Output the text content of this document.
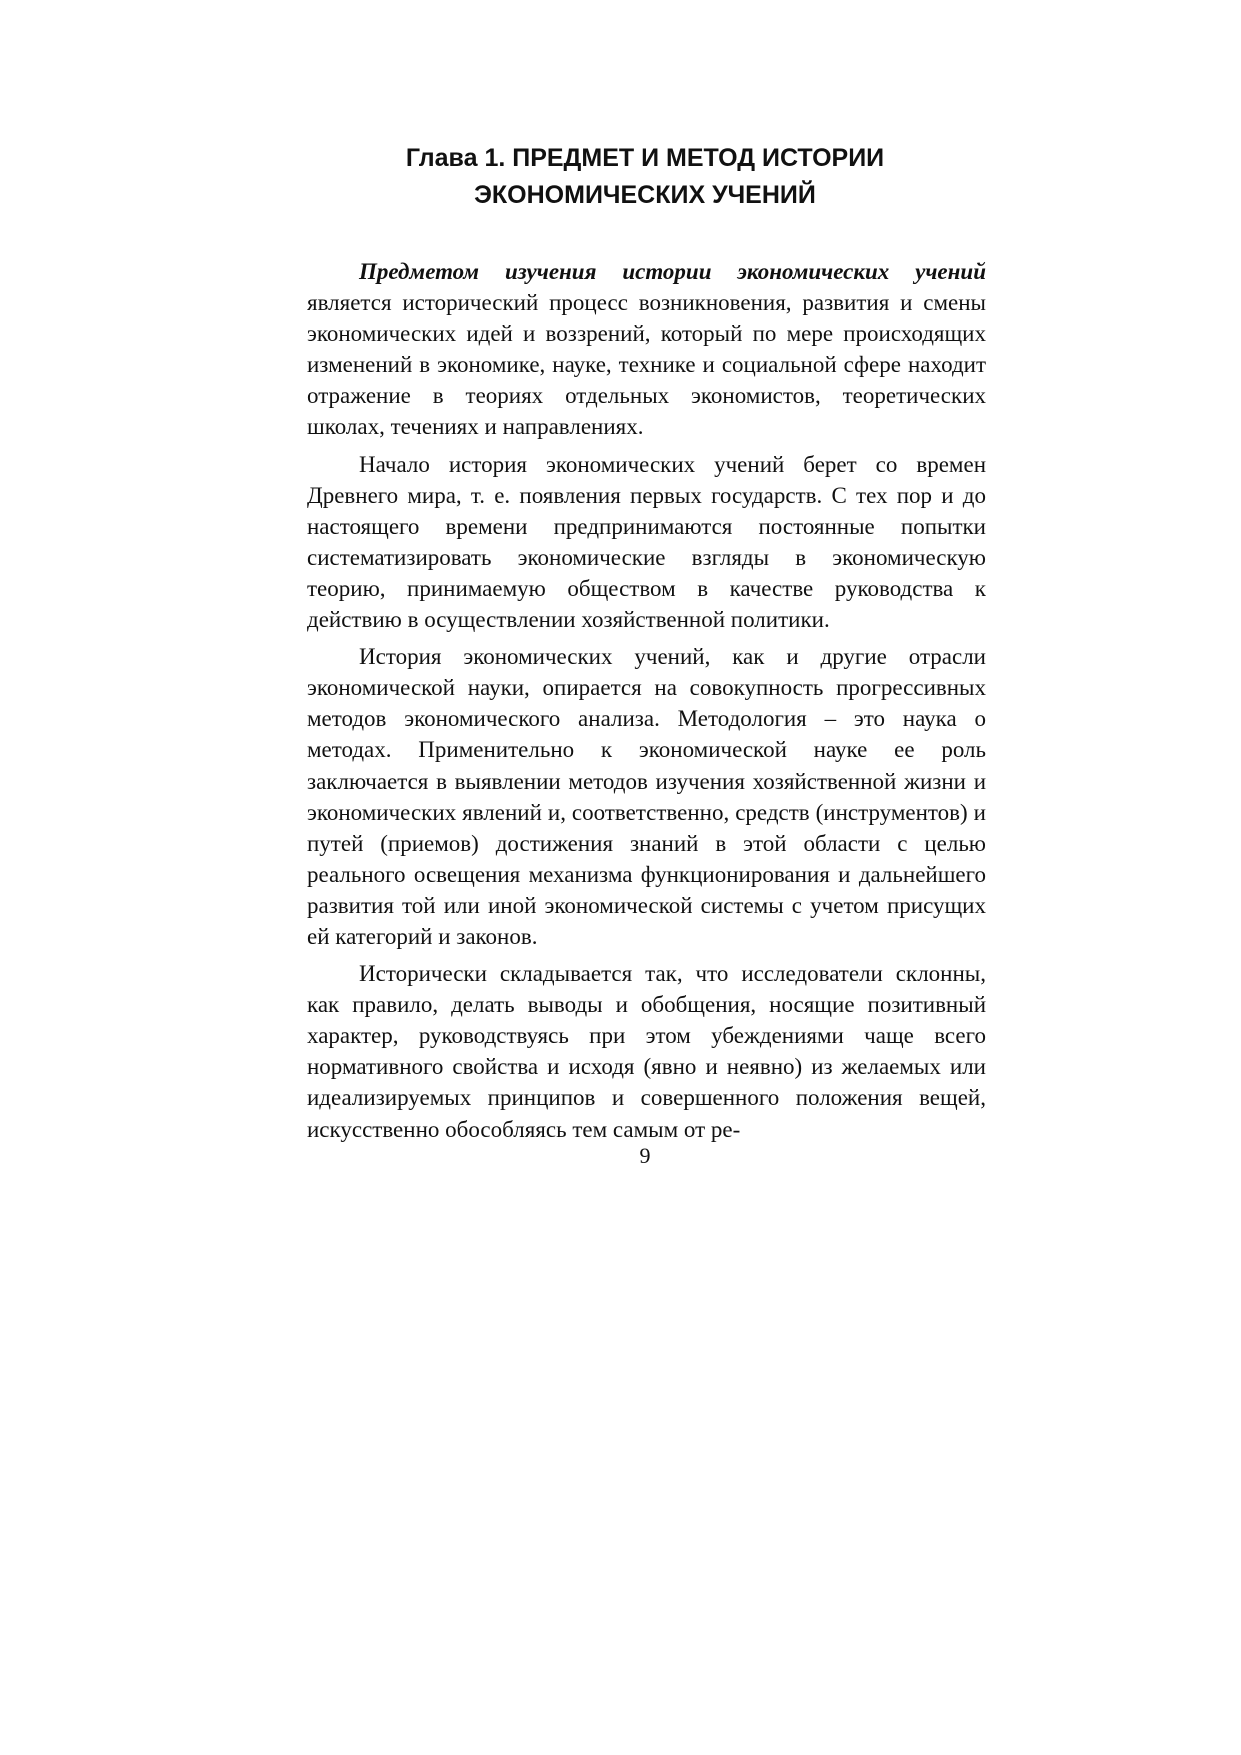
Глава 1. ПРЕДМЕТ И МЕТОД ИСТОРИИ
ЭКОНОМИЧЕСКИХ УЧЕНИЙ

Предметом изучения истории экономических учений является исторический процесс возникновения, развития и смены экономических идей и воззрений, который по мере происходящих изменений в экономике, науке, технике и социальной сфере находит отражение в теориях отдельных экономистов, теоретических школах, течениях и направлениях.

Начало история экономических учений берет со времен Древнего мира, т. е. появления первых государств. С тех пор и до настоящего времени предпринимаются постоянные попытки систематизировать экономические взгляды в экономическую теорию, принимаемую обществом в качестве руководства к действию в осуществлении хозяйственной политики.

История экономических учений, как и другие отрасли экономической науки, опирается на совокупность прогрессивных методов экономического анализа. Методология – это наука о методах. Применительно к экономической науке ее роль заключается в выявлении методов изучения хозяйственной жизни и экономических явлений и, соответственно, средств (инструментов) и путей (приемов) достижения знаний в этой области с целью реального освещения механизма функционирования и дальнейшего развития той или иной экономической системы с учетом присущих ей категорий и законов.

Исторически складывается так, что исследователи склонны, как правило, делать выводы и обобщения, носящие позитивный характер, руководствуясь при этом убеждениями чаще всего нормативного свойства и исходя (явно и неявно) из желаемых или идеализируемых принципов и совершенного положения вещей, искусственно обособляясь тем самым от ре-

9
